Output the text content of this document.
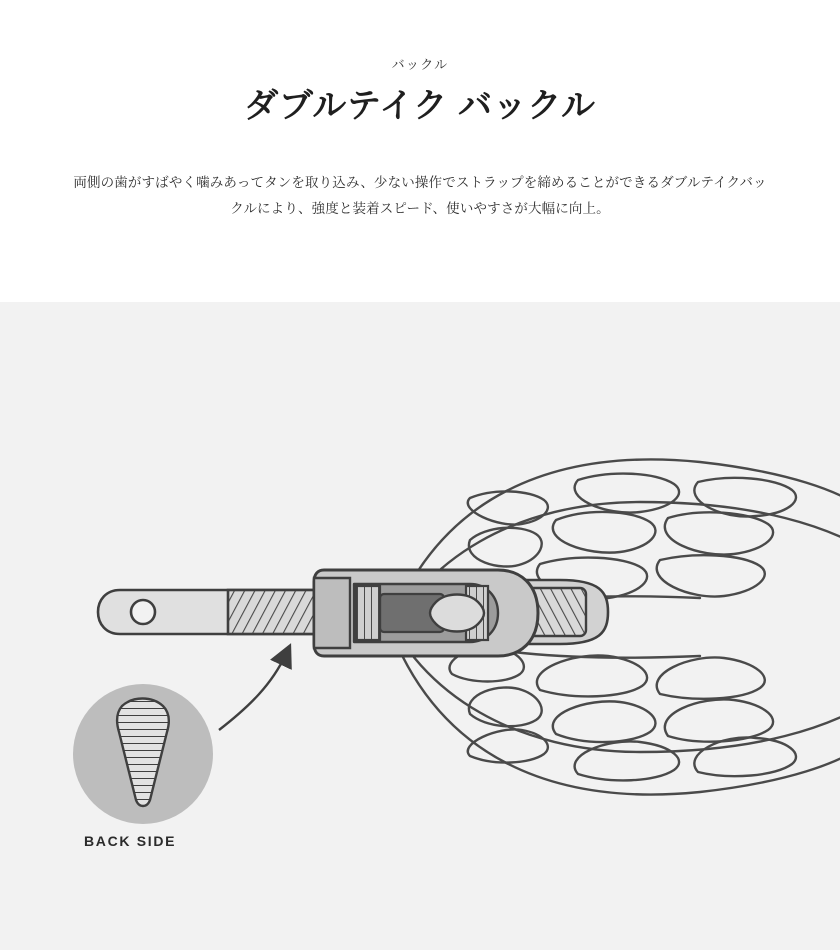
バックル
ダブルテイク バックル

両側の歯がすばやく噛みあってタンを取り込み、少ない操作でストラップを締めることができるダブルテイクバックルにより、強度と装着スピード、使いやすさが大幅に向上。

BACK SIDE
